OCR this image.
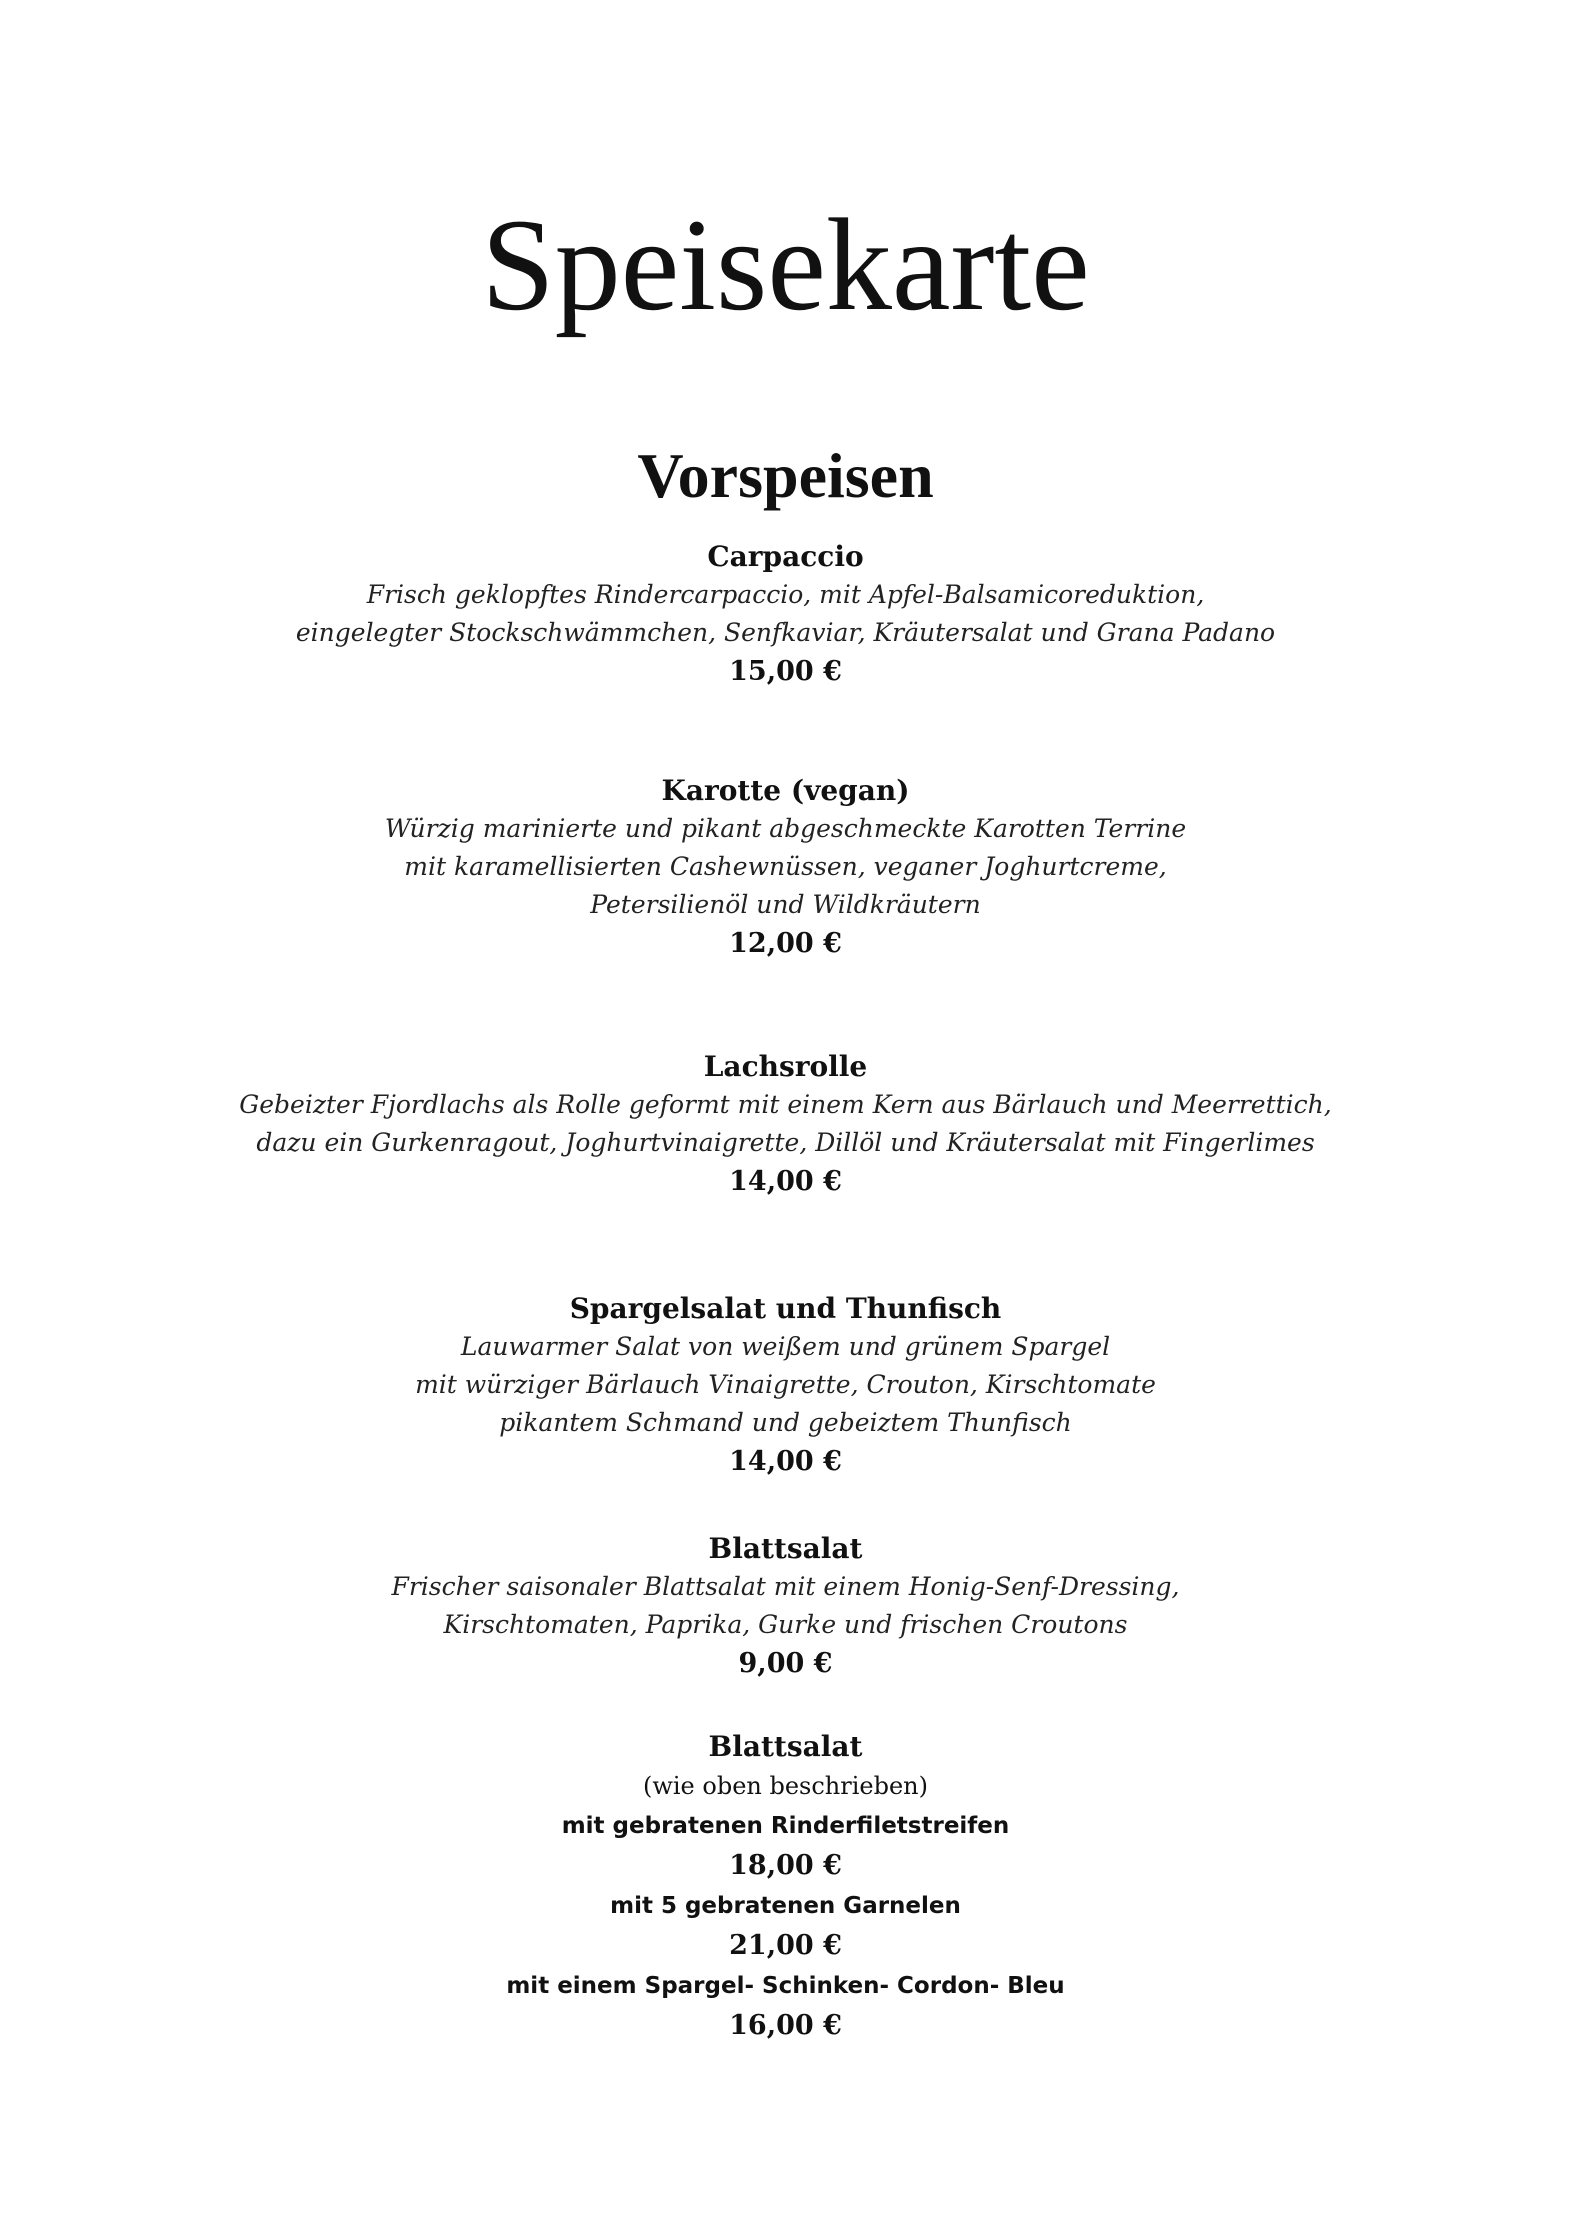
Speisekarte
Vorspeisen

Carpaccio

Frisch geklopftes Rindercarpaccio, mit Apfel-Balsamicoreduktion,

eingelegter Stockschwämmchen, Senfkaviar, Kräutersalat und Grana Padano

15,00 €

Karotte (vegan)

Würzig marinierte und pikant abgeschmeckte Karotten Terrine

mit karamellisierten Cashewnüssen, veganer Joghurtcreme,

Petersilienöl und Wildkräutern

12,00 €

Lachsrolle

Gebeizter Fjordlachs als Rolle geformt mit einem Kern aus Bärlauch und Meerrettich,

dazu ein Gurkenragout, Joghurtvinaigrette, Dillöl und Kräutersalat mit Fingerlimes

14,00 €

Spargelsalat und Thunfisch

Lauwarmer Salat von weißem und grünem Spargel

mit würziger Bärlauch Vinaigrette, Crouton, Kirschtomate

pikantem Schmand und gebeiztem Thunfisch

14,00 €

Blattsalat

Frischer saisonaler Blattsalat mit einem Honig-Senf-Dressing,

Kirschtomaten, Paprika, Gurke und frischen Croutons

9,00 €

Blattsalat

(wie oben beschrieben)

mit gebratenen Rinderfiletstreifen

18,00 €

mit 5 gebratenen Garnelen

21,00 €

mit einem Spargel- Schinken- Cordon- Bleu

16,00 €
